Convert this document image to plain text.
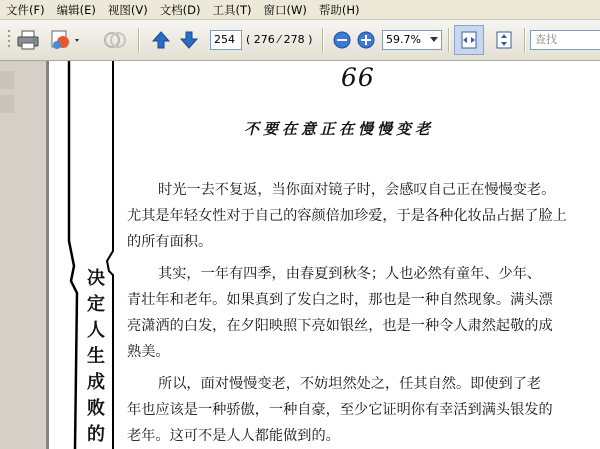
文件(F)	编辑(E)	视图(V)	文档(D)	工具(T)	窗口(W)	帮助(H)
254	( 276 ⁄ 278 )	59.7%	查找
66
不要在意正在慢慢变老
时光一去不复返，当你面对镜子时，会感叹自己正在慢慢变老。
尤其是年轻女性对于自己的容颜倍加珍爱，于是各种化妆品占据了脸上
的所有面积。
其实，一年有四季，由春夏到秋冬；人也必然有童年、少年、
青壮年和老年。如果真到了发白之时，那也是一种自然现象。满头漂
亮潇洒的白发，在夕阳映照下亮如银丝，也是一种令人肃然起敬的成
熟美。
所以，面对慢慢变老，不妨坦然处之，任其自然。即使到了老
年也应该是一种骄傲，一种自豪，至少它证明你有幸活到满头银发的
老年。这可不是人人都能做到的。
决
定
人
生
成
败
的
